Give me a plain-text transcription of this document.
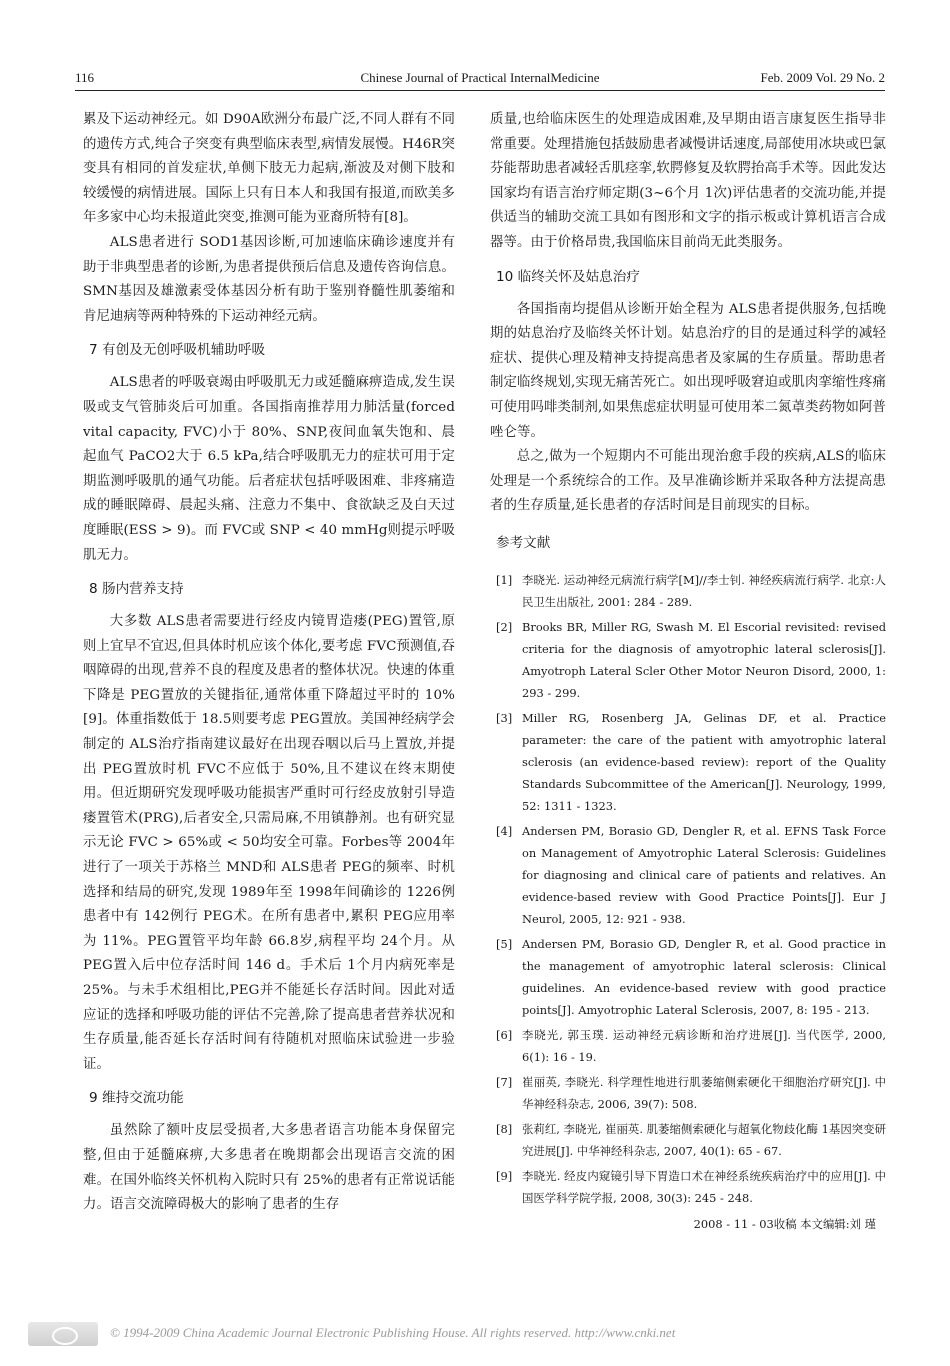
116	Chinese Journal of Practical InternalMedicine	Feb. 2009 Vol. 29 No. 2

累及下运动神经元。如 D90A欧洲分布最广泛,不同人群有不同的遗传方式,纯合子突变有典型临床表型,病情发展慢。H46R突变具有相同的首发症状,单侧下肢无力起病,渐波及对侧下肢和较缓慢的病情进展。国际上只有日本人和我国有报道,而欧美多年多家中心均未报道此突变,推测可能为亚裔所特有[8]。

ALS患者进行 SOD1基因诊断,可加速临床确诊速度并有助于非典型患者的诊断,为患者提供预后信息及遗传咨询信息。SMN基因及雄激素受体基因分析有助于鉴别脊髓性肌萎缩和肯尼迪病等两种特殊的下运动神经元病。

7 有创及无创呼吸机辅助呼吸

ALS患者的呼吸衰竭由呼吸肌无力或延髓麻痹造成,发生误吸或支气管肺炎后可加重。各国指南推荐用力肺活量(forced vital capacity, FVC)小于 80%、SNP,夜间血氧失饱和、晨起血气 PaCO2大于 6.5 kPa,结合呼吸肌无力的症状可用于定期监测呼吸肌的通气功能。后者症状包括呼吸困难、非疼痛造成的睡眠障碍、晨起头痛、注意力不集中、食欲缺乏及白天过度睡眠(ESS > 9)。而 FVC或 SNP < 40 mmHg则提示呼吸肌无力。

8 肠内营养支持

大多数 ALS患者需要进行经皮内镜胃造瘘(PEG)置管,原则上宜早不宜迟,但具体时机应该个体化,要考虑 FVC预测值,吞咽障碍的出现,营养不良的程度及患者的整体状况。快速的体重下降是 PEG置放的关键指征,通常体重下降超过平时的 10%[9]。体重指数低于 18.5则要考虑 PEG置放。美国神经病学会制定的 ALS治疗指南建议最好在出现吞咽以后马上置放,并提出 PEG置放时机 FVC不应低于 50%,且不建议在终末期使用。但近期研究发现呼吸功能损害严重时可行经皮放射引导造瘘置管术(PRG),后者安全,只需局麻,不用镇静剂。也有研究显示无论 FVC > 65%或 < 50均安全可靠。Forbes等 2004年进行了一项关于苏格兰 MND和 ALS患者 PEG的频率、时机选择和结局的研究,发现 1989年至 1998年间确诊的 1226例患者中有 142例行 PEG术。在所有患者中,累积 PEG应用率为 11%。PEG置管平均年龄 66.8岁,病程平均 24个月。从 PEG置入后中位存活时间 146 d。手术后 1个月内病死率是 25%。与未手术组相比,PEG并不能延长存活时间。因此对适应证的选择和呼吸功能的评估不完善,除了提高患者营养状况和生存质量,能否延长存活时间有待随机对照临床试验进一步验证。

9 维持交流功能

虽然除了额叶皮层受损者,大多患者语言功能本身保留完整,但由于延髓麻痹,大多患者在晚期都会出现语言交流的困难。在国外临终关怀机构入院时只有 25%的患者有正常说话能力。语言交流障碍极大的影响了患者的生存

质量,也给临床医生的处理造成困难,及早期由语言康复医生指导非常重要。处理措施包括鼓励患者减慢讲话速度,局部使用冰块或巴氯芬能帮助患者减轻舌肌痉挛,软腭修复及软腭抬高手术等。因此发达国家均有语言治疗师定期(3~6个月 1次)评估患者的交流功能,并提供适当的辅助交流工具如有图形和文字的指示板或计算机语言合成器等。由于价格昂贵,我国临床目前尚无此类服务。

10 临终关怀及姑息治疗

各国指南均提倡从诊断开始全程为 ALS患者提供服务,包括晚期的姑息治疗及临终关怀计划。姑息治疗的目的是通过科学的减轻症状、提供心理及精神支持提高患者及家属的生存质量。帮助患者制定临终规划,实现无痛苦死亡。如出现呼吸窘迫或肌肉挛缩性疼痛可使用吗啡类制剂,如果焦虑症状明显可使用苯二氮䓬类药物如阿普唑仑等。

总之,做为一个短期内不可能出现治愈手段的疾病,ALS的临床处理是一个系统综合的工作。及早准确诊断并采取各种方法提高患者的生存质量,延长患者的存活时间是目前现实的目标。

参考文献
[1] 李晓光. 运动神经元病流行病学[M]//李士钊. 神经疾病流行病学. 北京:人民卫生出版社, 2001: 284 - 289.
[2] Brooks BR, Miller RG, Swash M. El Escorial revisited: revised criteria for the diagnosis of amyotrophic lateral sclerosis[J]. Amyotroph Lateral Scler Other Motor Neuron Disord, 2000, 1: 293 - 299.
[3] Miller RG, Rosenberg JA, Gelinas DF, et al. Practice parameter: the care of the patient with amyotrophic lateral sclerosis (an evidence-based review): report of the Quality Standards Subcommittee of the American[J]. Neurology, 1999, 52: 1311 - 1323.
[4] Andersen PM, Borasio GD, Dengler R, et al. EFNS Task Force on Management of Amyotrophic Lateral Sclerosis: Guidelines for diagnosing and clinical care of patients and relatives. An evidence-based review with Good Practice Points[J]. Eur J Neurol, 2005, 12: 921 - 938.
[5] Andersen PM, Borasio GD, Dengler R, et al. Good practice in the management of amyotrophic lateral sclerosis: Clinical guidelines. An evidence-based review with good practice points[J]. Amyotrophic Lateral Sclerosis, 2007, 8: 195 - 213.
[6] 李晓光, 郭玉璞. 运动神经元病诊断和治疗进展[J]. 当代医学, 2000, 6(1): 16 - 19.
[7] 崔丽英, 李晓光. 科学理性地进行肌萎缩侧索硬化干细胞治疗研究[J]. 中华神经科杂志, 2006, 39(7): 508.
[8] 张莉红, 李晓光, 崔丽英. 肌萎缩侧索硬化与超氧化物歧化酶 1基因突变研究进展[J]. 中华神经科杂志, 2007, 40(1): 65 - 67.
[9] 李晓光. 经皮内窥镜引导下胃造口术在神经系统疾病治疗中的应用[J]. 中国医学科学院学报, 2008, 30(3): 245 - 248.
2008 - 11 - 03收稿 本文编辑:刘 瑾
© 1994-2009 China Academic Journal Electronic Publishing House. All rights reserved. http://www.cnki.net
